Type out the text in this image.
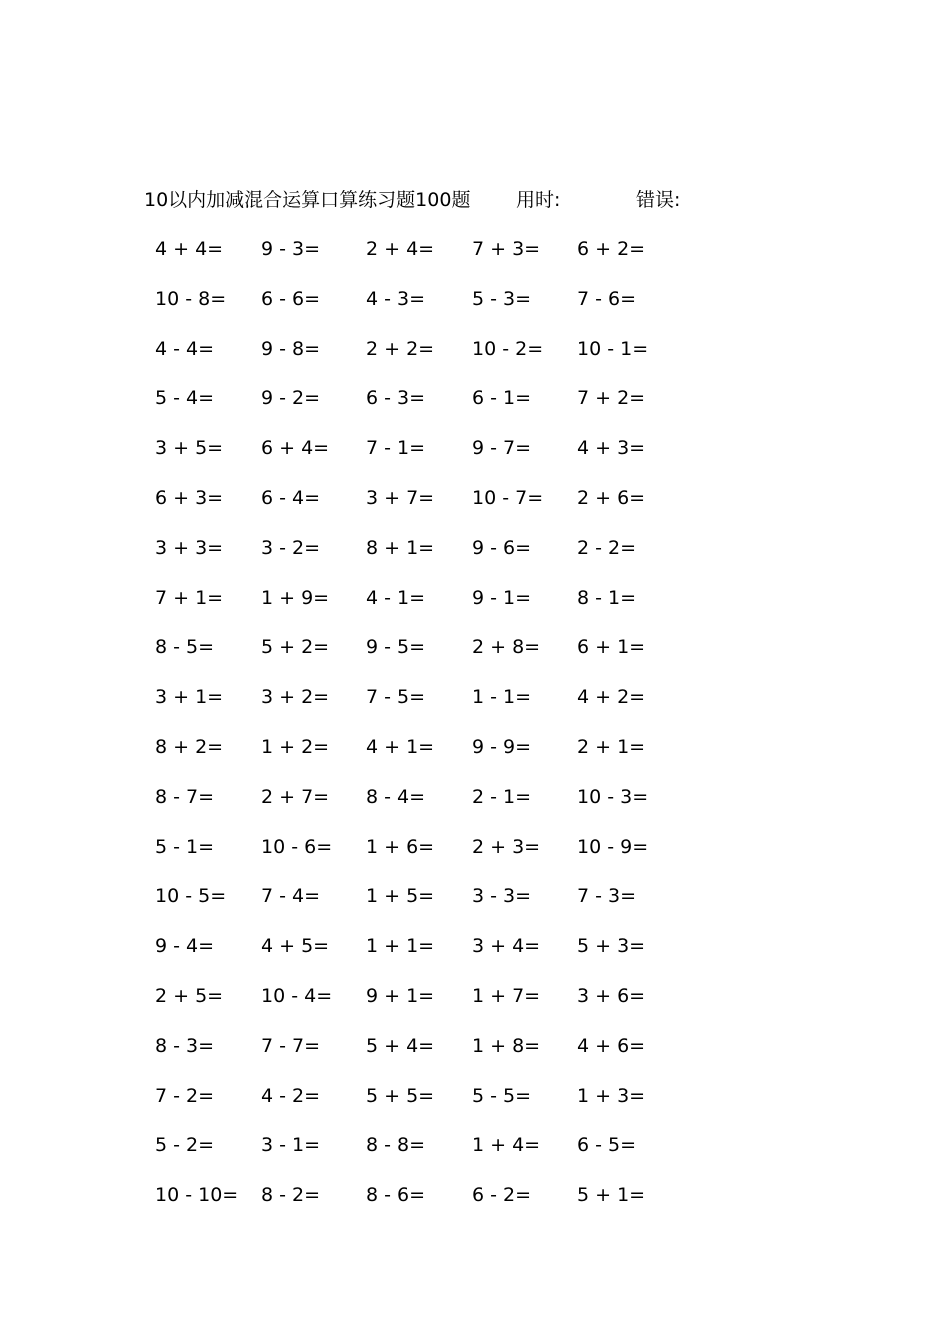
10以内加减混合运算口算练习题100题 用时:	错误:
4 + 4= 9 - 3= 2 + 4= 7 + 3= 6 + 2=
10 - 8= 6 - 6= 4 - 3= 5 - 3= 7 - 6=
4 - 4= 9 - 8= 2 + 2= 10 - 2= 10 - 1=
5 - 4= 9 - 2= 6 - 3= 6 - 1= 7 + 2=
3 + 5= 6 + 4= 7 - 1= 9 - 7= 4 + 3=
6 + 3= 6 - 4= 3 + 7= 10 - 7= 2 + 6=
3 + 3= 3 - 2= 8 + 1= 9 - 6= 2 - 2=
7 + 1= 1 + 9= 4 - 1= 9 - 1= 8 - 1=
8 - 5= 5 + 2= 9 - 5= 2 + 8= 6 + 1=
3 + 1= 3 + 2= 7 - 5= 1 - 1= 4 + 2=
8 + 2= 1 + 2= 4 + 1= 9 - 9= 2 + 1=
8 - 7= 2 + 7= 8 - 4= 2 - 1= 10 - 3=
5 - 1= 10 - 6= 1 + 6= 2 + 3= 10 - 9=
10 - 5= 7 - 4= 1 + 5= 3 - 3= 7 - 3=
9 - 4= 4 + 5= 1 + 1= 3 + 4= 5 + 3=
2 + 5= 10 - 4= 9 + 1= 1 + 7= 3 + 6=
8 - 3= 7 - 7= 5 + 4= 1 + 8= 4 + 6=
7 - 2= 4 - 2= 5 + 5= 5 - 5= 1 + 3=
5 - 2= 3 - 1= 8 - 8= 1 + 4= 6 - 5=
10 - 10= 8 - 2= 8 - 6= 6 - 2= 5 + 1=
